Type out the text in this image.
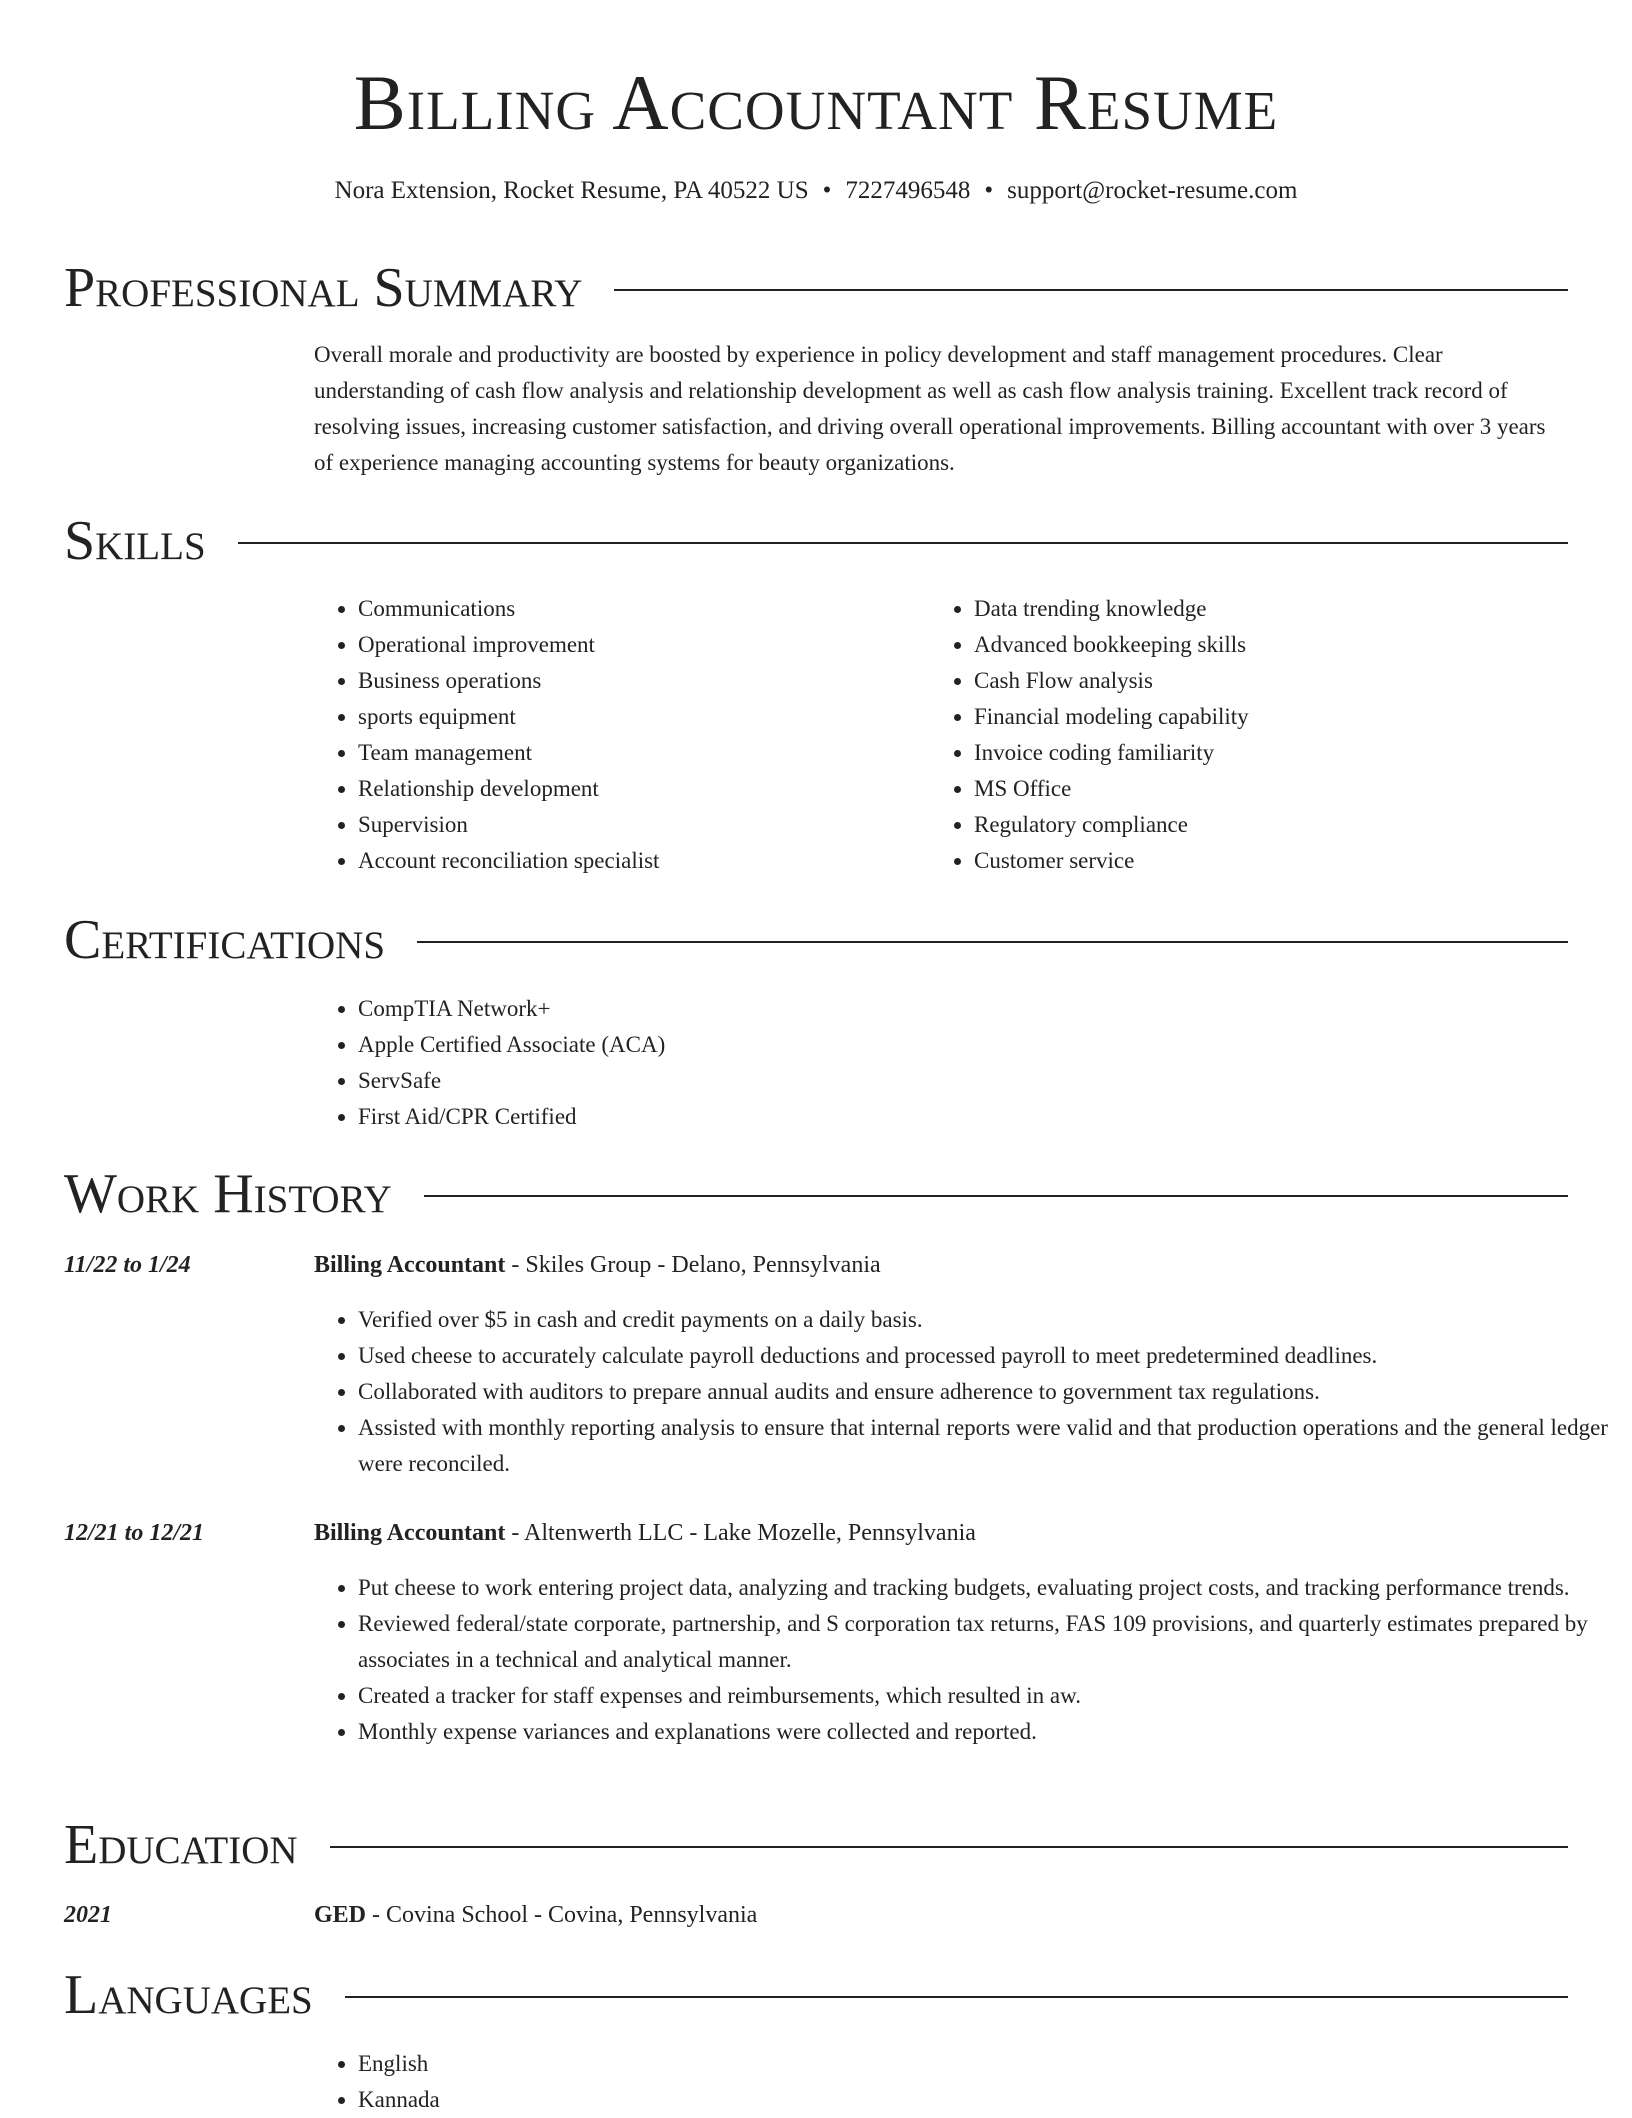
Billing Accountant Resume
Nora Extension, Rocket Resume, PA 40522 US • 7227496548 • support@rocket-resume.com
Professional Summary

Overall morale and productivity are boosted by experience in policy development and staff management procedures. Clear understanding of cash flow analysis and relationship development as well as cash flow analysis training. Excellent track record of resolving issues, increasing customer satisfaction, and driving overall operational improvements. Billing accountant with over 3 years of experience managing accounting systems for beauty organizations.

Skills
• Communications
• Operational improvement
• Business operations
• sports equipment
• Team management
• Relationship development
• Supervision
• Account reconciliation specialist
• Data trending knowledge
• Advanced bookkeeping skills
• Cash Flow analysis
• Financial modeling capability
• Invoice coding familiarity
• MS Office
• Regulatory compliance
• Customer service
Certifications
• CompTIA Network+
• Apple Certified Associate (ACA)
• ServSafe
• First Aid/CPR Certified
Work History
11/22 to 1/24	Billing Accountant - Skiles Group - Delano, Pennsylvania
• Verified over $5 in cash and credit payments on a daily basis.
• Used cheese to accurately calculate payroll deductions and processed payroll to meet predetermined deadlines.
• Collaborated with auditors to prepare annual audits and ensure adherence to government tax regulations.
• Assisted with monthly reporting analysis to ensure that internal reports were valid and that production operations and the general ledger were reconciled.
12/21 to 12/21	Billing Accountant - Altenwerth LLC - Lake Mozelle, Pennsylvania
• Put cheese to work entering project data, analyzing and tracking budgets, evaluating project costs, and tracking performance trends.
• Reviewed federal/state corporate, partnership, and S corporation tax returns, FAS 109 provisions, and quarterly estimates prepared by associates in a technical and analytical manner.
• Created a tracker for staff expenses and reimbursements, which resulted in aw.
• Monthly expense variances and explanations were collected and reported.
Education
2021	GED - Covina School - Covina, Pennsylvania
Languages
• English
• Kannada
